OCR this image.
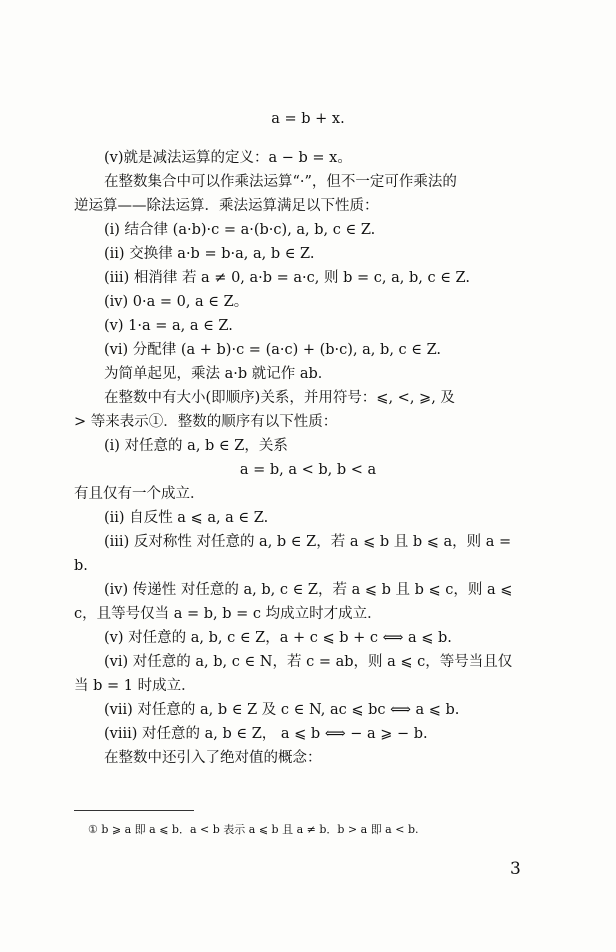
a = b + x.
(v)就是减法运算的定义：a − b = x。
在整数集合中可以作乘法运算“·”，但不一定可作乘法的
逆运算——除法运算．乘法运算满足以下性质：
(i) 结合律 (a·b)·c = a·(b·c), a, b, c ∈ Z.
(ii) 交换律 a·b = b·a, a, b ∈ Z.
(iii) 相消律 若 a ≠ 0, a·b = a·c, 则 b = c, a, b, c ∈ Z.
(iv) 0·a = 0, a ∈ Z。
(v) 1·a = a, a ∈ Z.
(vi) 分配律 (a + b)·c = (a·c) + (b·c), a, b, c ∈ Z.
为简单起见，乘法 a·b 就记作 ab．
在整数中有大小(即顺序)关系，并用符号：⩽, <, ⩾, 及
> 等来表示①．整数的顺序有以下性质：
(i) 对任意的 a, b ∈ Z，关系
a = b, a < b, b < a
有且仅有一个成立．
(ii) 自反性 a ⩽ a, a ∈ Z.
(iii) 反对称性 对任意的 a, b ∈ Z，若 a ⩽ b 且 b ⩽ a，则 a =
b.
(iv) 传递性 对任意的 a, b, c ∈ Z，若 a ⩽ b 且 b ⩽ c，则 a ⩽
c，且等号仅当 a = b, b = c 均成立时才成立．
(v) 对任意的 a, b, c ∈ Z，a + c ⩽ b + c ⟺ a ⩽ b.
(vi) 对任意的 a, b, c ∈ N，若 c = ab，则 a ⩽ c，等号当且仅
当 b = 1 时成立．
(vii) 对任意的 a, b ∈ Z 及 c ∈ N, ac ⩽ bc ⟺ a ⩽ b.
(viii) 对任意的 a, b ∈ Z， a ⩽ b ⟺ − a ⩾ − b.
在整数中还引入了绝对值的概念：
① b ⩾ a 即 a ⩽ b．a < b 表示 a ⩽ b 且 a ≠ b．b > a 即 a < b.
3
